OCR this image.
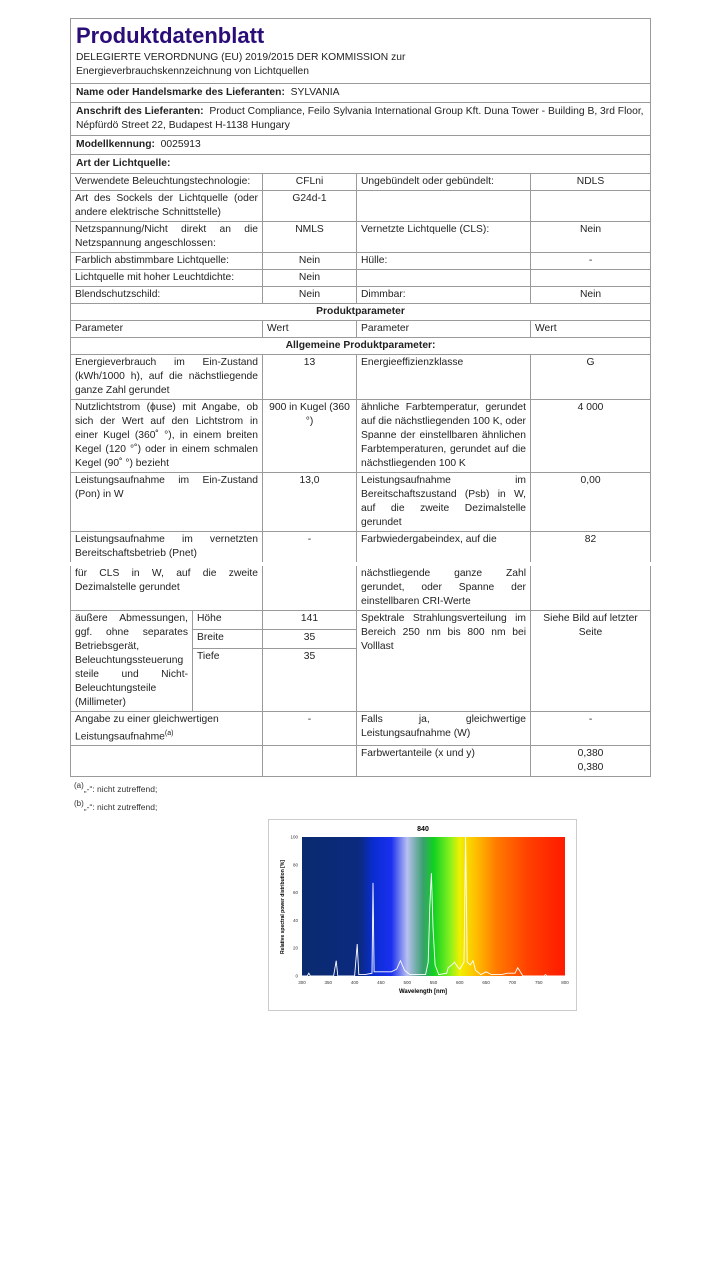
Produktdatenblatt
DELEGIERTE VERORDNUNG (EU) 2019/2015 DER KOMMISSION zur Energieverbrauchskennzeichnung von Lichtquellen				

Name oder Handelsmarke des Lieferanten: SYLVANIA				
Anschrift des Lieferanten: Product Compliance, Feilo Sylvania International Group Kft. Duna Tower - Building B, 3rd Floor, Népfürdö Street 22, Budapest H-1138 Hungary				
Modellkennung: 0025913				
Art der Lichtquelle:				
Verwendete Beleuchtungstechnologie:		CFLni	Ungebündelt oder gebündelt:	NDLS
Art des Sockels der Lichtquelle (oder andere elektrische Schnittstelle)		G24d-1		
Netzspannung/Nicht direkt an die Netzspannung angeschlossen:		NMLS	Vernetzte Lichtquelle (CLS):	Nein
Farblich abstimmbare Lichtquelle:		Nein	Hülle:	-
Lichtquelle mit hoher Leuchtdichte:		Nein		
Blendschutzschild:		Nein	Dimmbar:	Nein
Produktparameter				
Parameter		Wert	Parameter	Wert
Allgemeine Produktparameter:				
Energieverbrauch im Ein-Zustand (kWh/1000 h), auf die nächstliegende ganze Zahl gerundet		13	Energieeffizienzklasse	G
Nutzlichtstrom (ϕuse) mit Angabe, ob sich der Wert auf den Lichtstrom in einer Kugel (360˚ °), in einem breiten Kegel (120 °˚) oder in einem schmalen Kegel (90˚ °) bezieht		900 in Kugel (360 °)	ähnliche Farbtemperatur, gerundet auf die nächstliegenden 100 K, oder Spanne der einstellbaren ähnlichen Farbtemperaturen, gerundet auf die nächstliegenden 100 K	4 000
Leistungsaufnahme im Ein-Zustand (Pon) in W		13,0	Leistungsaufnahme im Bereitschaftszustand (Psb) in W, auf die zweite Dezimalstelle gerundet	0,00
Leistungsaufnahme im vernetzten Bereitschaftsbetrieb (Pnet)		-	Farbwiedergabeindex, auf die	82

für CLS in W, auf die zweite Dezimalstelle gerundet			nächstliegende ganze Zahl gerundet, oder Spanne der einstellbaren CRI-Werte	
äußere Abmessungen, ggf. ohne separates Betriebsgerät, Beleuchtungssteuerungsteile und Nicht-Beleuchtungsteile (Millimeter)	Höhe	141	Spektrale Strahlungsverteilung im Bereich 250 nm bis 800 nm bei Volllast	Siehe Bild auf letzter Seite
	Breite	35		
	Tiefe	35		
Angabe zu einer gleichwertigen Leistungsaufnahme$^{(a)}$		-	Falls ja, gleichwertige Leistungsaufnahme (W)	-
			Farbwertanteile (x und y)	0,380
0,380
$^{(a)}$„-“: nicht zutreffend;
$^{(b)}$„-“: nicht zutreffend;
840
300	350	400	450	500	550	600	650	700	750	800
0
20
40
60
80
100
Wavelength [nm]
Relative spectral power distribution [%]
